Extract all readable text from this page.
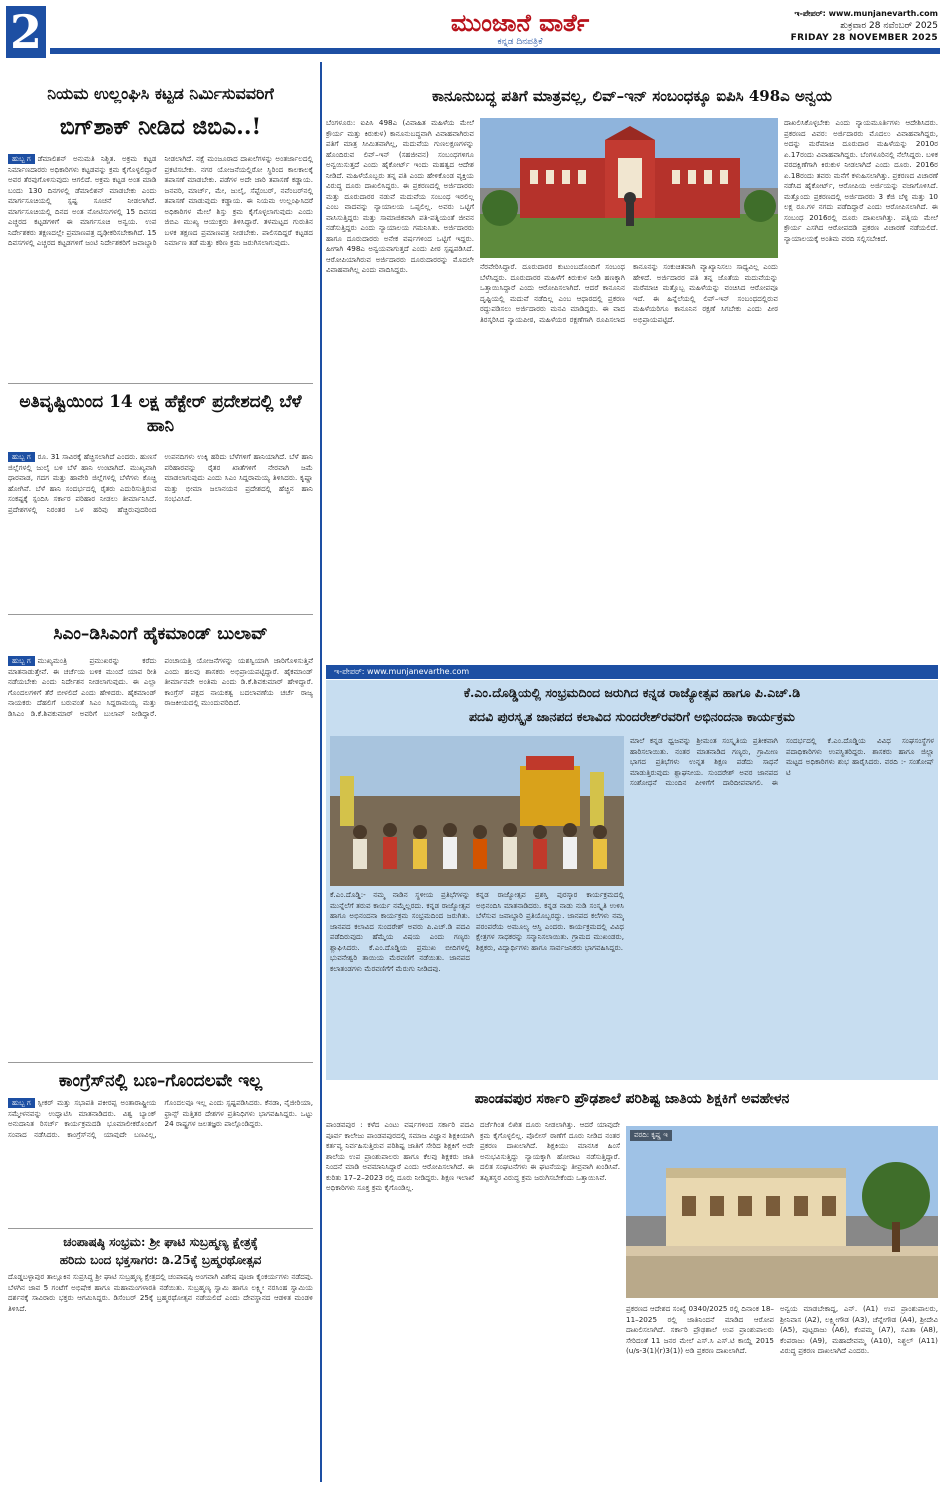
2	ಮುಂಜಾನೆ ವಾರ್ತೆ
ಕನ್ನಡ ದಿನಪತ್ರಿಕೆ
ಇ-ಪೇಪರ್: www.munjanevarth.com
ಶುಕ್ರವಾರ 28 ನವೆಂಬರ್ 2025
FRIDAY 28 NOVEMBER 2025
ನಿಯಮ ಉಲ್ಲಂಘಿಸಿ ಕಟ್ಟಡ ನಿರ್ಮಿಸುವವರಿಗೆ
ಬಿಗ್‌ಶಾಕ್ ನೀಡಿದ ಜಿಬಿಎ..!
ಹುಬ್ಬ ಗ ಡೆಮಾಲಿಶನ್ ಅನುಮತಿ ನಿಶ್ಚಿತ. ಅಕ್ರಮ ಕಟ್ಟಡ ನಿರ್ಮಾಣದಾರರು ಅಧಿಕಾರಿಗಳು ಕಟ್ಟಡವನ್ನು ಕ್ರಮ ಕೈಗೊಳ್ಳಲಿದ್ದಾರೆ ಅವರ ತೆರವುಗೊಳಿಸುವುದು ಆಗಲಿದೆ. ಅಕ್ರಮ ಕಟ್ಟಡ ಅಂತ ಮಾಡಿ ಬಂದು 130 ದಿನಗಳಲ್ಲಿ ಡೆಮಾಲಿಶನ್ ಮಾಡಬೇಕು ಎಂದು ಮಾರ್ಗಸೂಚಿಯಲ್ಲಿ ಸ್ಪಷ್ಟ ಸೂಚನೆ ನೀಡಲಾಗಿದೆ. ಮಾರ್ಗಸೂಚಿಯಲ್ಲಿ ದಿನದ ಅಂತ ನೋಟಿಸುಗಳಲ್ಲಿ 15 ದಿವಸದ ಎಚ್ಚರದ ಕಟ್ಟಡಗಳಿಗೆ ಈ ಮಾರ್ಗಸೂಚಿ ಅನ್ವಯ. ಉಪ ನಿರ್ದೇಶಕರು ತಕ್ಷಣದಲ್ಲೇ ಪ್ರಮಾಣಪತ್ರ ದೃಢೀಕರಿಸಬೇಕಾಗಿದೆ. 15 ದಿವಸಗಳಲ್ಲಿ ಎಚ್ಚರದ ಕಟ್ಟಡಗಳಿಗೆ ಜಂಟಿ ನಿರ್ದೇಶಕರಿಗೆ ಜವಾಬ್ದಾರಿ ನೀಡಲಾಗಿದೆ. ನಕ್ಷೆ ಮಂಜೂರಾದ ದಾಖಲೆಗಳನ್ನು ಅಂತರ್ಜಾಲದಲ್ಲಿ ಪ್ರಕಟಿಸಬೇಕು. ನಗರ ಯೋಜನೆಯಲ್ಲಿರೋ ಸ್ಥಿರಿಂದ ಕಾಲಕಾಲಕ್ಕೆ ತಪಾಸಣೆ ಮಾಡಬೇಕು. ಪಡೆಗಳ ಅದೇ ಜಾರಿ ತಪಾಸಣೆ ಕಡ್ಡಾಯ. ಜನವರಿ, ಮಾರ್ಚ್, ಮೇ, ಜುಲೈ, ಸೆಪ್ಟೆಂಬರ್, ನವೆಂಬರ್‌ನಲ್ಲಿ ತಪಾಸಣೆ ಮಾಡುವುದು ಕಡ್ಡಾಯ. ಈ ನಿಯಮ ಉಲ್ಲಂಘಿಸಿದರೆ ಅಧಿಕಾರಿಗಳ ಮೇಲೆ ಶಿಸ್ತು ಕ್ರಮ ಕೈಗೊಳ್ಳಲಾಗುವುದು ಎಂದು ಜಿಬಿಎ ಮುಖ್ಯ ಆಯುಕ್ತರು ತಿಳಿಸಿದ್ದಾರೆ. ತಳಮಟ್ಟದ ಗುರುತಿನ ಬಳಕ ತಕ್ಷಣದ ಪ್ರಮಾಣಪತ್ರ ನೀಡಬೇಕು. ಪಾಲಿಸದಿದ್ದರೆ ಕಟ್ಟಡದ ನಿರ್ಮಾಣ ತಡೆ ಮತ್ತು ಕಠಿಣ ಕ್ರಮ ಜರುಗಿಸಲಾಗುವುದು.
ಅತಿವೃಷ್ಟಿಯಿಂದ 14 ಲಕ್ಷ ಹೆಕ್ಟೇರ್ ಪ್ರದೇಶದಲ್ಲಿ ಬೆಳೆ ಹಾನಿ
ಹುಬ್ಬ ಗ ರೂ. 31 ಸಾವಿರಕ್ಕೆ ಹೆಚ್ಚಿಸಲಾಗಿದೆ ಎಂದರು. ಹುಣಸೆ ಜಿಲ್ಲೆಗಳಲ್ಲಿ ಜುಲೈ ಬಳಿ ಬೆಳೆ ಹಾನಿ ಉಂಟಾಗಿದೆ. ಮುಖ್ಯವಾಗಿ ಧಾರವಾಡ, ಗದಗ ಮತ್ತು ಹಾವೇರಿ ಜಿಲ್ಲೆಗಳಲ್ಲಿ ಬೆಳೆಗಳು ಕೊಚ್ಚಿ ಹೋಗಿವೆ. ಬೆಳೆ ಹಾನಿ ಸಂದರ್ಭದಲ್ಲಿ ರೈತರು ಎದುರಿಸುತ್ತಿರುವ ಸಂಕಷ್ಟಕ್ಕೆ ಸ್ಪಂದಿಸಿ ಸರ್ಕಾರ ಪರಿಹಾರ ನೀಡಲು ತೀರ್ಮಾನಿಸಿದೆ. ಪ್ರದೇಶಗಳಲ್ಲಿ ನಿರಂತರ ಒಳ ಹರಿವು ಹೆಚ್ಚಿರುವುದರಿಂದ ಉಪನದಿಗಳು ಉಕ್ಕಿ ಹರಿದು ಬೆಳೆಗಳಿಗೆ ಹಾನಿಯಾಗಿದೆ. ಬೆಳೆ ಹಾನಿ ಪರಿಹಾರವನ್ನು ರೈತರ ಖಾತೆಗಳಿಗೆ ನೇರವಾಗಿ ಜಮೆ ಮಾಡಲಾಗುವುದು ಎಂದು ಸಿಎಂ ಸಿದ್ದರಾಮಯ್ಯ ತಿಳಿಸಿದರು. ಕೃಷ್ಣಾ ಮತ್ತು ಭೀಮಾ ಜಲಾನಯನ ಪ್ರದೇಶದಲ್ಲಿ ಹೆಚ್ಚಿನ ಹಾನಿ ಸಂಭವಿಸಿದೆ.
ಸಿಎಂ–ಡಿಸಿಎಂಗೆ ಹೈಕಮಾಂಡ್ ಬುಲಾವ್
ಹುಬ್ಬ ಗ ಮುಖ್ಯಮಂತ್ರಿ ಪ್ರಮುಖರನ್ನು ಕರೆದು ಮಾತನಾಡುತ್ತೇವೆ. ಈ ಚರ್ಚೆಯ ಬಳಿಕ ಮುಂದೆ ಯಾವ ರೀತಿ ನಡೆಯಬೇಕು ಎಂದು ನಿರ್ದೇಶನ ನೀಡಲಾಗುವುದು. ಈ ಎಲ್ಲಾ ಗೊಂದಲಗಳಿಗೆ ತೆರೆ ಬೀಳಲಿದೆ ಎಂದು ಹೇಳಿದರು. ಹೈಕಮಾಂಡ್ ನಾಯಕರು ದೆಹಲಿಗೆ ಬರುವಂತೆ ಸಿಎಂ ಸಿದ್ದರಾಮಯ್ಯ ಮತ್ತು ಡಿಸಿಎಂ ಡಿ.ಕೆ.ಶಿವಕುಮಾರ್ ಅವರಿಗೆ ಬುಲಾವ್ ನೀಡಿದ್ದಾರೆ. ಪಂಚಾಯತ್ರಿ ಯೋಜನೆಗಳನ್ನು ಯಶಸ್ವಿಯಾಗಿ ಜಾರಿಗೊಳಿಸುತ್ತಿವೆ ಎಂದು ಹಲವು ಶಾಸಕರು ಅಭಿಪ್ರಾಯಪಟ್ಟಿದ್ದಾರೆ. ಹೈಕಮಾಂಡ್ ತೀರ್ಮಾನವೇ ಅಂತಿಮ ಎಂದು ಡಿ.ಕೆ.ಶಿವಕುಮಾರ್ ಹೇಳಿದ್ದಾರೆ. ಕಾಂಗ್ರೆಸ್ ಪಕ್ಷದ ನಾಯಕತ್ವ ಬದಲಾವಣೆಯ ಚರ್ಚೆ ರಾಜ್ಯ ರಾಜಕೀಯದಲ್ಲಿ ಮುಂದುವರಿದಿದೆ.
ಕಾಂಗ್ರೆಸ್‌ನಲ್ಲಿ ಬಣ–ಗೊಂದಲವೇ ಇಲ್ಲ
ಹುಬ್ಬ ಗ ಸ್ಪೀಕರ್ ಮತ್ತು ಸಭಾಪತಿ ಪಕೀರಪ್ಪ ಅಂತಾರಾಷ್ಟ್ರೀಯ ಸಮ್ಮೇಳನವನ್ನು ಉದ್ಘಾಟಿಸಿ ಮಾತನಾಡಿದರು. ವಿಶ್ವ ಬ್ಯಾಂಕ್ ಅನುದಾನಿತ ರಿಸರ್ಚ್ ಕಾರ್ಯಕ್ರಮದಡಿ ಭೂಮಾಲೀಕರೊಂದಿಗೆ ಸಂವಾದ ನಡೆಸಿದರು. ಕಾಂಗ್ರೆಸ್‌ನಲ್ಲಿ ಯಾವುದೇ ಬಣವಿಲ್ಲ, ಗೊಂದಲವೂ ಇಲ್ಲ ಎಂದು ಸ್ಪಷ್ಟಪಡಿಸಿದರು. ಕೆನಡಾ, ನೈಜೀರಿಯಾ, ಫ್ರಾನ್ಸ್ ಮತ್ತಿತರ ದೇಶಗಳ ಪ್ರತಿನಿಧಿಗಳು ಭಾಗವಹಿಸಿದ್ದರು. ಒಟ್ಟು 24 ರಾಷ್ಟ್ರಗಳ ಜಲತಜ್ಞರು ಪಾಲ್ಗೊಂಡಿದ್ದರು.
ಚಂಪಾಷಷ್ಠಿ ಸಂಭ್ರಮ: ಶ್ರೀ ಘಾಟಿ ಸುಬ್ರಹ್ಮಣ್ಯ ಕ್ಷೇತ್ರಕ್ಕೆ
ಹರಿದು ಬಂದ ಭಕ್ತಸಾಗರ: ಡಿ.25ಕ್ಕೆ ಬ್ರಹ್ಮರಥೋತ್ಸವ
ದೊಡ್ಡಬಳ್ಳಾಪುರ ತಾಲ್ಲೂಕಿನ ಸುಪ್ರಸಿದ್ಧ ಶ್ರೀ ಘಾಟಿ ಸುಬ್ರಹ್ಮಣ್ಯ ಕ್ಷೇತ್ರದಲ್ಲಿ ಚಂಪಾಷಷ್ಠಿ ಅಂಗವಾಗಿ ವಿಶೇಷ ಪೂಜಾ ಕೈಂಕರ್ಯಗಳು ನಡೆದವು. ಬೆಳಗಿನ ಜಾವ 5 ಗಂಟೆಗೆ ಅಭಿಷೇಕ ಹಾಗೂ ಮಹಾಮಂಗಳಾರತಿ ನಡೆಯಿತು. ಸುಬ್ರಹ್ಮಣ್ಯ ಸ್ವಾಮಿ ಹಾಗೂ ಲಕ್ಷ್ಮೀ ನರಸಿಂಹ ಸ್ವಾಮಿಯ ದರ್ಶನಕ್ಕೆ ಸಾವಿರಾರು ಭಕ್ತರು ಆಗಮಿಸಿದ್ದರು. ಡಿಸೆಂಬರ್ 25ಕ್ಕೆ ಬ್ರಹ್ಮರಥೋತ್ಸವ ನಡೆಯಲಿದೆ ಎಂದು ದೇವಸ್ಥಾನದ ಆಡಳಿತ ಮಂಡಳಿ ತಿಳಿಸಿದೆ.
ಕಾನೂನುಬದ್ಧ ಪತಿಗೆ ಮಾತ್ರವಲ್ಲ, ಲಿವ್–ಇನ್ ಸಂಬಂಧಕ್ಕೂ ಐಪಿಸಿ 498ಎ ಅನ್ವಯ
ಬೆಂಗಳೂರು: ಐಪಿಸಿ 498ಎ (ವಿವಾಹಿತ ಮಹಿಳೆಯ ಮೇಲೆ ಕ್ರೌರ್ಯ ಮತ್ತು ಕಿರುಕುಳ) ಕಾನೂನುಬದ್ಧವಾಗಿ ವಿವಾಹವಾಗಿರುವ ಪತಿಗೆ ಮಾತ್ರ ಸೀಮಿತವಾಗಿಲ್ಲ, ಮದುವೆಯ ಗುಣಲಕ್ಷಣಗಳನ್ನು ಹೊಂದಿರುವ ಲಿವ್–ಇನ್ (ಸಹಜೀವನ) ಸಂಬಂಧಗಳಿಗೂ ಅನ್ವಯಿಸುತ್ತದೆ ಎಂದು ಹೈಕೋರ್ಟ್ ಇಂದು ಮಹತ್ವದ ಆದೇಶ ನೀಡಿದೆ. ಮಹಿಳೆಯೊಬ್ಬರು ತನ್ನ ಪತಿ ಎಂದು ಹೇಳಿಕೊಂಡ ವ್ಯಕ್ತಿಯ ವಿರುದ್ಧ ದೂರು ದಾಖಲಿಸಿದ್ದರು. ಈ ಪ್ರಕರಣದಲ್ಲಿ ಅರ್ಜಿದಾರರು ಮತ್ತು ದೂರುದಾರರ ನಡುವೆ ಮದುವೆಯ ಸಂಬಂಧ ಇರಲಿಲ್ಲ ಎಂಬ ವಾದವನ್ನು ನ್ಯಾಯಾಲಯ ಒಪ್ಪಲಿಲ್ಲ. ಅವರು ಒಟ್ಟಿಗೆ ವಾಸಿಸುತ್ತಿದ್ದರು ಮತ್ತು ಸಾಮಾಜಿಕವಾಗಿ ಪತಿ-ಪತ್ನಿಯಂತೆ ಜೀವನ ನಡೆಸುತ್ತಿದ್ದರು ಎಂದು ನ್ಯಾಯಾಲಯ ಗಮನಿಸಿತು. ಅರ್ಜಿದಾರರು ಹಾಗೂ ದೂರುದಾರರು ಅನೇಕ ವರ್ಷಗಳಿಂದ ಒಟ್ಟಿಗೆ ಇದ್ದರು. ಹೀಗಾಗಿ 498ಎ ಅನ್ವಯವಾಗುತ್ತದೆ ಎಂದು ಪೀಠ ಸ್ಪಷ್ಟಪಡಿಸಿದೆ. ಆರೋಪಿಯಾಗಿರುವ ಅರ್ಜಿದಾರರು ದೂರುದಾರರನ್ನು ಮೊದಲೇ ವಿವಾಹವಾಗಿಲ್ಲ ಎಂದು ವಾದಿಸಿದ್ದರು.	ನೆರವೇರಿಸಿದ್ದಾರೆ. ದೂರುದಾರರ ಕುಟುಂಬದೊಂದಿಗೆ ಸಂಬಂಧ ಬೆಳೆಸಿದ್ದರು. ದೂರುದಾರರ ಮಹಿಳೆಗೆ ಕಿರುಕುಳ ನೀಡಿ ಹಣಕ್ಕಾಗಿ ಒತ್ತಾಯಿಸಿದ್ದಾರೆ ಎಂದು ಆರೋಪಿಸಲಾಗಿದೆ. ಆದರೆ ಕಾನೂನಿನ ದೃಷ್ಟಿಯಲ್ಲಿ ಮದುವೆ ನಡೆದಿಲ್ಲ ಎಂಬ ಆಧಾರದಲ್ಲಿ ಪ್ರಕರಣ ರದ್ದುಪಡಿಸಲು ಅರ್ಜಿದಾರರು ಮನವಿ ಮಾಡಿದ್ದರು. ಈ ವಾದ ತಿರಸ್ಕರಿಸಿದ ನ್ಯಾಯಪೀಠ, ಮಹಿಳೆಯರ ರಕ್ಷಣೆಗಾಗಿ ರೂಪಿಸಲಾದ ಕಾನೂನನ್ನು ಸಂಕುಚಿತವಾಗಿ ವ್ಯಾಖ್ಯಾನಿಸಲು ಸಾಧ್ಯವಿಲ್ಲ ಎಂದು ಹೇಳಿದೆ. ಅರ್ಜಿದಾರರ ಪತಿ ತನ್ನ ಜೊತೆಯ ಮದುವೆಯನ್ನು ಮರೆಮಾಚಿ ಮತ್ತೊಬ್ಬ ಮಹಿಳೆಯನ್ನು ವಂಚಿಸಿದ ಆರೋಪವೂ ಇದೆ. ಈ ಹಿನ್ನೆಲೆಯಲ್ಲಿ ಲಿವ್–ಇನ್ ಸಂಬಂಧದಲ್ಲಿರುವ ಮಹಿಳೆಯರಿಗೂ ಕಾನೂನಿನ ರಕ್ಷಣೆ ಸಿಗಬೇಕು ಎಂದು ಪೀಠ ಅಭಿಪ್ರಾಯಪಟ್ಟಿದೆ.
ದಾಖಲಿಸಿಕೊಳ್ಳಬೇಕು ಎಂದು ನ್ಯಾಯಮೂರ್ತಿಗಳು ಆದೇಶಿಸಿದರು. ಪ್ರಕರಣದ ವಿವರ: ಅರ್ಜಿದಾರರು ಮೊದಲು ವಿವಾಹವಾಗಿದ್ದರು, ಅದನ್ನು ಮರೆಮಾಚಿ ದೂರುದಾರ ಮಹಿಳೆಯನ್ನು 2010ರ ಏ.17ರಂದು ವಿವಾಹವಾಗಿದ್ದರು. ಬೆಂಗಳೂರಿನಲ್ಲಿ ನೆಲೆಸಿದ್ದರು. ಬಳಿಕ ವರದಕ್ಷಿಣೆಗಾಗಿ ಕಿರುಕುಳ ನೀಡಲಾಗಿದೆ ಎಂದು ದೂರು. 2016ರ ಏ.18ರಂದು ತವರು ಮನೆಗೆ ಕಳುಹಿಸಲಾಗಿತ್ತು. ಪ್ರಕರಣದ ವಿಚಾರಣೆ ನಡೆಸಿದ ಹೈಕೋರ್ಟ್, ಆರೋಪಿಯ ಅರ್ಜಿಯನ್ನು ವಜಾಗೊಳಿಸಿದೆ. ಮತ್ತೊಂದು ಪ್ರಕರಣದಲ್ಲಿ ಅರ್ಜಿದಾರರು 3 ಕೆಜಿ ಬೆಳ್ಳಿ ಮತ್ತು 10 ಲಕ್ಷ ರೂ.ಗಳ ನಗದು ಪಡೆದಿದ್ದಾರೆ ಎಂದು ಆರೋಪಿಸಲಾಗಿದೆ. ಈ ಸಂಬಂಧ 2016ರಲ್ಲಿ ದೂರು ದಾಖಲಾಗಿತ್ತು. ಪತ್ನಿಯ ಮೇಲೆ ಕ್ರೌರ್ಯ ಎಸಗಿದ ಆರೋಪದಡಿ ಪ್ರಕರಣ ವಿಚಾರಣೆ ನಡೆಯಲಿದೆ. ನ್ಯಾಯಾಲಯಕ್ಕೆ ಅಂತಿಮ ವರದಿ ಸಲ್ಲಿಸಬೇಕಿದೆ.
ಇ-ಪೇಪರ್: www.munjanevarthe.com
ಕೆ.ಎಂ.ದೊಡ್ಡಿಯಲ್ಲಿ ಸಂಭ್ರಮದಿಂದ ಜರುಗಿದ ಕನ್ನಡ ರಾಜ್ಯೋತ್ಸವ ಹಾಗೂ ಪಿ.ಎಚ್.ಡಿ
ಪದವಿ ಪುರಸ್ಕೃತ ಜಾನಪದ ಕಲಾವಿದ ಸುಂದರೇಶ್‌ರವರಿಗೆ ಅಭಿನಂದನಾ ಕಾರ್ಯಕ್ರಮ
ಕೆ.ಎಂ.ದೊಡ್ಡಿ:- ನಮ್ಮ ನಾಡಿನ ಸ್ಥಳೀಯ ಪ್ರತಿಭೆಗಳನ್ನು ಮುನ್ನೆಲೆಗೆ ತರುವ ಕಾರ್ಯ ನಮ್ಮೆಲ್ಲರದು. ಕನ್ನಡ ರಾಜ್ಯೋತ್ಸವ ಹಾಗೂ ಅಭಿನಂದನಾ ಕಾರ್ಯಕ್ರಮ ಸಂಭ್ರಮದಿಂದ ಜರುಗಿತು. ಜಾನಪದ ಕಲಾವಿದ ಸುಂದರೇಶ್ ಅವರು ಪಿ.ಎಚ್.ಡಿ ಪದವಿ ಪಡೆದಿರುವುದು ಹೆಮ್ಮೆಯ ವಿಷಯ ಎಂದು ಗಣ್ಯರು ಶ್ಲಾಘಿಸಿದರು. ಕೆ.ಎಂ.ದೊಡ್ಡಿಯ ಪ್ರಮುಖ ಬೀದಿಗಳಲ್ಲಿ ಭುವನೇಶ್ವರಿ ತಾಯಿಯ ಮೆರವಣಿಗೆ ನಡೆಯಿತು. ಜಾನಪದ ಕಲಾತಂಡಗಳು ಮೆರವಣಿಗೆಗೆ ಮೆರುಗು ನೀಡಿದವು.
ಕನ್ನಡ ರಾಜ್ಯೋತ್ಸವ ಪ್ರಶಸ್ತಿ ಪುರಸ್ಕಾರ ಕಾರ್ಯಕ್ರಮದಲ್ಲಿ ಅಭಿನಂದಿಸಿ ಮಾತನಾಡಿದರು. ಕನ್ನಡ ನಾಡು ನುಡಿ ಸಂಸ್ಕೃತಿ ಉಳಿಸಿ ಬೆಳೆಸುವ ಜವಾಬ್ದಾರಿ ಪ್ರತಿಯೊಬ್ಬರದ್ದು. ಜಾನಪದ ಕಲೆಗಳು ನಮ್ಮ ಪರಂಪರೆಯ ಅಮೂಲ್ಯ ಆಸ್ತಿ ಎಂದರು. ಕಾರ್ಯಕ್ರಮದಲ್ಲಿ ವಿವಿಧ ಕ್ಷೇತ್ರಗಳ ಸಾಧಕರನ್ನು ಸನ್ಮಾನಿಸಲಾಯಿತು. ಗ್ರಾಮದ ಮುಖಂಡರು, ಶಿಕ್ಷಕರು, ವಿದ್ಯಾರ್ಥಿಗಳು ಹಾಗೂ ಸಾರ್ವಜನಿಕರು ಭಾಗವಹಿಸಿದ್ದರು.
ಮಾಲೆ ಕನ್ನಡ ಧ್ವಜವನ್ನು ಶ್ರೀಮಂತ ಸಂಸ್ಕೃತಿಯ ಪ್ರತೀಕವಾಗಿ ಹಾರಿಸಲಾಯಿತು. ನಂತರ ಮಾತನಾಡಿದ ಗಣ್ಯರು, ಗ್ರಾಮೀಣ ಭಾಗದ ಪ್ರತಿಭೆಗಳು ಉನ್ನತ ಶಿಕ್ಷಣ ಪಡೆದು ಸಾಧನೆ ಮಾಡುತ್ತಿರುವುದು ಶ್ಲಾಘನೀಯ. ಸುಂದರೇಶ್ ಅವರ ಜಾನಪದ ಸಂಶೋಧನೆ ಮುಂದಿನ ಪೀಳಿಗೆಗೆ ದಾರಿದೀಪವಾಗಲಿ. ಈ ಸಂದರ್ಭದಲ್ಲಿ ಕೆ.ಎಂ.ದೊಡ್ಡಿಯ ವಿವಿಧ ಸಂಘಸಂಸ್ಥೆಗಳ ಪದಾಧಿಕಾರಿಗಳು ಉಪಸ್ಥಿತರಿದ್ದರು. ಶಾಸಕರು ಹಾಗೂ ಜಿಲ್ಲಾ ಮಟ್ಟದ ಅಧಿಕಾರಿಗಳು ಶುಭ ಹಾರೈಸಿದರು. ವರದಿ :- ಸಂತೋಷ್ ಟಿ
ಪಾಂಡವಪುರ ಸರ್ಕಾರಿ ಪ್ರೌಢಶಾಲೆ ಪರಿಶಿಷ್ಟ ಜಾತಿಯ ಶಿಕ್ಷಕಿಗೆ ಅವಹೇಳನ
ಪಾಂಡವಪುರ : ಕಳೆದ ಎಂಟು ವರ್ಷಗಳಿಂದ ಸರ್ಕಾರಿ ಪದವಿ ಪೂರ್ವ ಕಾಲೇಜು ಪಾಂಡವಪುರದಲ್ಲಿ ಸಮಾಜ ವಿಜ್ಞಾನ ಶಿಕ್ಷಕಿಯಾಗಿ ಕರ್ತವ್ಯ ನಿರ್ವಹಿಸುತ್ತಿರುವ ಪರಿಶಿಷ್ಟ ಜಾತಿಗೆ ಸೇರಿದ ಶಿಕ್ಷಕಿಗೆ ಅದೇ ಶಾಲೆಯ ಉಪ ಪ್ರಾಂಶುಪಾಲರು ಹಾಗೂ ಕೆಲವು ಶಿಕ್ಷಕರು ಜಾತಿ ನಿಂದನೆ ಮಾಡಿ ಅವಮಾನಿಸಿದ್ದಾರೆ ಎಂದು ಆರೋಪಿಸಲಾಗಿದೆ. ಈ ಕುರಿತು 17–2–2023 ರಲ್ಲಿ ದೂರು ನೀಡಿದ್ದರು. ಶಿಕ್ಷಣ ಇಲಾಖೆ ಅಧಿಕಾರಿಗಳು ಸೂಕ್ತ ಕ್ರಮ ಕೈಗೊಂಡಿಲ್ಲ.
ದರ್ಜೆಗಿಂತ ಲಿಖಿತ ದೂರು ನೀಡಲಾಗಿತ್ತು. ಆದರೆ ಯಾವುದೇ ಕ್ರಮ ಕೈಗೊಳ್ಳಲಿಲ್ಲ. ಪೊಲೀಸ್ ಠಾಣೆಗೆ ದೂರು ನೀಡಿದ ನಂತರ ಪ್ರಕರಣ ದಾಖಲಾಗಿದೆ. ಶಿಕ್ಷಕಿಯು ಮಾನಸಿಕ ಹಿಂಸೆ ಅನುಭವಿಸುತ್ತಿದ್ದು ನ್ಯಾಯಕ್ಕಾಗಿ ಹೋರಾಟ ನಡೆಸುತ್ತಿದ್ದಾರೆ. ದಲಿತ ಸಂಘಟನೆಗಳು ಈ ಘಟನೆಯನ್ನು ತೀವ್ರವಾಗಿ ಖಂಡಿಸಿವೆ. ತಪ್ಪಿತಸ್ಥರ ವಿರುದ್ಧ ಕ್ರಮ ಜರುಗಿಸಬೇಕೆಂದು ಒತ್ತಾಯಿಸಿವೆ.
ವರದಿ: ಕೃಷ್ಣ ಇ
ಪ್ರಕರಣದ ಆದೇಶದ ಸಂಖ್ಯೆ 0340/2025 ರಲ್ಲಿ ದಿನಾಂಕ 18–11–2025 ರಲ್ಲಿ ಜಾತಿನಿಂದನೆ ಮಾಡಿದ ಆರೋಪ ದಾಖಲಿಸಲಾಗಿದೆ. ಸರ್ಕಾರಿ ಪ್ರೌಢಶಾಲೆ ಉಪ ಪ್ರಾಂಶುಪಾಲರು ಸೇರಿದಂತೆ 11 ಜನರ ಮೇಲೆ ಎಸ್.ಸಿ ಎಸ್.ಟಿ ಕಾಯ್ದೆ 2015 (u/s-3(1)(r)3(1)) ಅಡಿ ಪ್ರಕರಣ ದಾಖಲಾಗಿದೆ.
ಅನ್ವಯ ಮಾಡಬೇಕಾದ್ದ, ಎನ್. (A1) ಉಪ ಪ್ರಾಂಶುಪಾಲರು, ಶ್ರೀನಿವಾಸ (A2), ಲಕ್ಷ್ಮೀಗೌಡ (A3), ಚೆನ್ನೇಗೌಡ (A4), ಶ್ರೀದೇವಿ (A5), ಪುಟ್ಟರಾಜು (A6), ಕೆಂಪಮ್ಮ (A7), ಸವಿತಾ (A8), ಕೆಂಪರಾಜು (A9), ಮಹಾದೇವಮ್ಮ (A10), ನಿಶ್ಚಲ್ (A11) ವಿರುದ್ಧ ಪ್ರಕರಣ ದಾಖಲಾಗಿದೆ ಎಂದರು.
